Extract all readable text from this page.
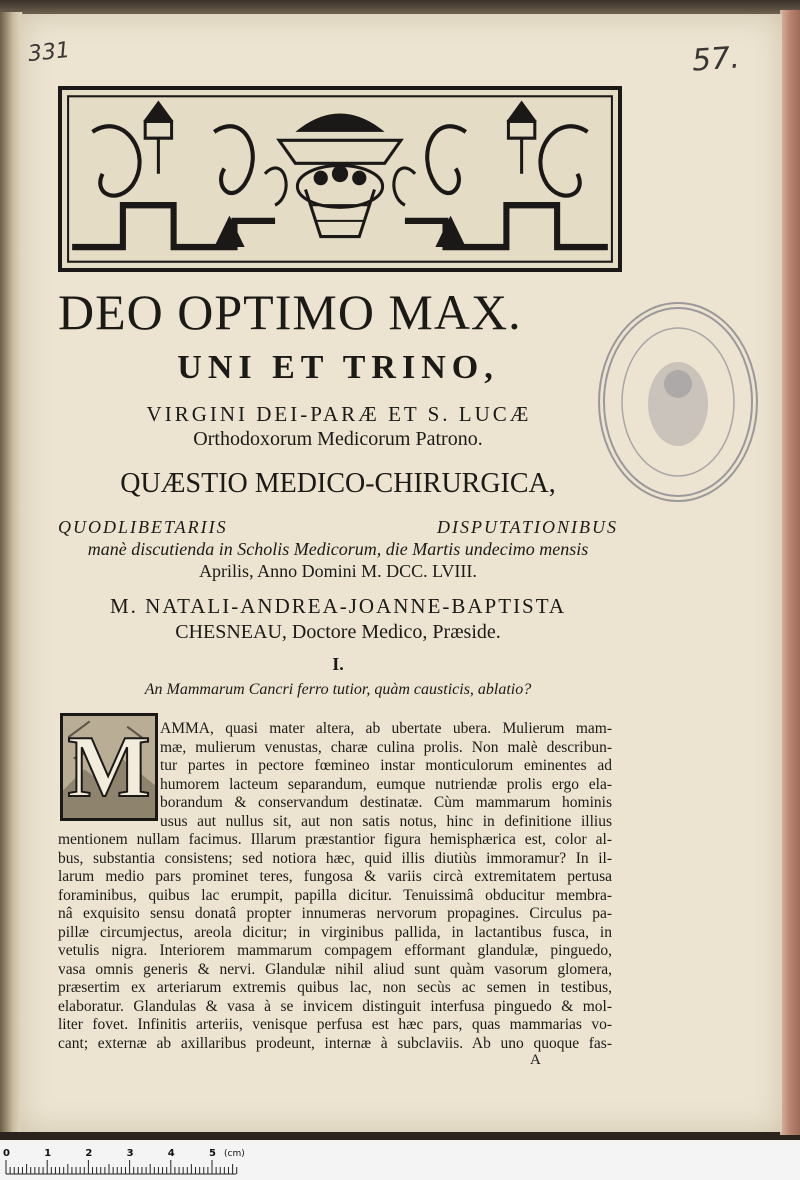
331	57.
DEO OPTIMO MAX.
UNI ET TRINO,
VIRGINI DEI-PARÆ ET S. LUCÆ
Orthodoxorum Medicorum Patrono.
QUÆSTIO MEDICO-CHIRURGICA,
QUODLIBETARIIS DISPUTATIONIBUS
manè discutienda in Scholis Medicorum, die Martis undecimo mensis
Aprilis, Anno Domini M. DCC. LVIII.
M. NATALI-ANDREA-JOANNE-BAPTISTA
CHESNEAU, Doctore Medico, Præside.
I.
An Mammarum Cancri ferro tutior, quàm causticis, ablatio?
M AMMA, quasi mater altera, ab ubertate ubera. Mulierum mam-
mæ, mulierum venustas, charæ culina prolis. Non malè describun-
tur partes in pectore fœmineo instar monticulorum eminentes ad
humorem lacteum separandum, eumque nutriendæ prolis ergo ela-
borandum & conservandum destinatæ. Cùm mammarum hominis
usus aut nullus sit, aut non satis notus, hinc in definitione illius
mentionem nullam facimus. Illarum præstantior figura hemisphærica est, color al-
bus, substantia consistens; sed notiora hæc, quid illis diutiùs immoramur? In il-
larum medio pars prominet teres, fungosa & variis circà extremitatem pertusa
foraminibus, quibus lac erumpit, papilla dicitur. Tenuissimâ obducitur membra-
nâ exquisito sensu donatâ propter innumeras nervorum propagines. Circulus pa-
pillæ circumjectus, areola dicitur; in virginibus pallida, in lactantibus fusca, in
vetulis nigra. Interiorem mammarum compagem efformant glandulæ, pinguedo,
vasa omnis generis & nervi. Glandulæ nihil aliud sunt quàm vasorum glomera,
præsertim ex arteriarum extremis quibus lac, non secùs ac semen in testibus,
elaboratur. Glandulas & vasa à se invicem distinguit interfusa pinguedo & mol-
liter fovet. Infinitis arteriis, venisque perfusa est hæc pars, quas mammarias vo-
cant; externæ ab axillaribus prodeunt, internæ à subclaviis. Ab uno quoque fas-
A
0	1	2	3	4	5 (cm)
